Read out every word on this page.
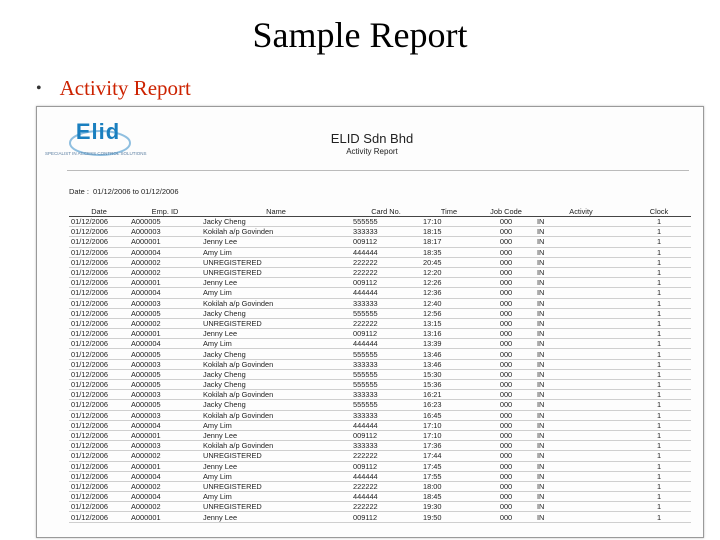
Sample Report
• Activity Report
Elid
SPECIALIST IN ACCESS CONTROL SOLUTIONS
ELID Sdn Bhd
Activity Report
Date : 01/12/2006 to 01/12/2006
Date	Emp. ID	Name	Card No.	Time	Job Code	Activity	Clock
01/12/2006	A000005	Jacky Cheng	555555	17:10	000	IN	1
01/12/2006	A000003	Kokilah a/p Govinden	333333	18:15	000	IN	1
01/12/2006	A000001	Jenny Lee	009112	18:17	000	IN	1
01/12/2006	A000004	Amy Lim	444444	18:35	000	IN	1
01/12/2006	A000002	UNREGISTERED	222222	20:45	000	IN	1
01/12/2006	A000002	UNREGISTERED	222222	12:20	000	IN	1
01/12/2006	A000001	Jenny Lee	009112	12:26	000	IN	1
01/12/2006	A000004	Amy Lim	444444	12:36	000	IN	1
01/12/2006	A000003	Kokilah a/p Govinden	333333	12:40	000	IN	1
01/12/2006	A000005	Jacky Cheng	555555	12:56	000	IN	1
01/12/2006	A000002	UNREGISTERED	222222	13:15	000	IN	1
01/12/2006	A000001	Jenny Lee	009112	13:16	000	IN	1
01/12/2006	A000004	Amy Lim	444444	13:39	000	IN	1
01/12/2006	A000005	Jacky Cheng	555555	13:46	000	IN	1
01/12/2006	A000003	Kokilah a/p Govinden	333333	13:46	000	IN	1
01/12/2006	A000005	Jacky Cheng	555555	15:30	000	IN	1
01/12/2006	A000005	Jacky Cheng	555555	15:36	000	IN	1
01/12/2006	A000003	Kokilah a/p Govinden	333333	16:21	000	IN	1
01/12/2006	A000005	Jacky Cheng	555555	16:23	000	IN	1
01/12/2006	A000003	Kokilah a/p Govinden	333333	16:45	000	IN	1
01/12/2006	A000004	Amy Lim	444444	17:10	000	IN	1
01/12/2006	A000001	Jenny Lee	009112	17:10	000	IN	1
01/12/2006	A000003	Kokilah a/p Govinden	333333	17:36	000	IN	1
01/12/2006	A000002	UNREGISTERED	222222	17:44	000	IN	1
01/12/2006	A000001	Jenny Lee	009112	17:45	000	IN	1
01/12/2006	A000004	Amy Lim	444444	17:55	000	IN	1
01/12/2006	A000002	UNREGISTERED	222222	18:00	000	IN	1
01/12/2006	A000004	Amy Lim	444444	18:45	000	IN	1
01/12/2006	A000002	UNREGISTERED	222222	19:30	000	IN	1
01/12/2006	A000001	Jenny Lee	009112	19:50	000	IN	1
